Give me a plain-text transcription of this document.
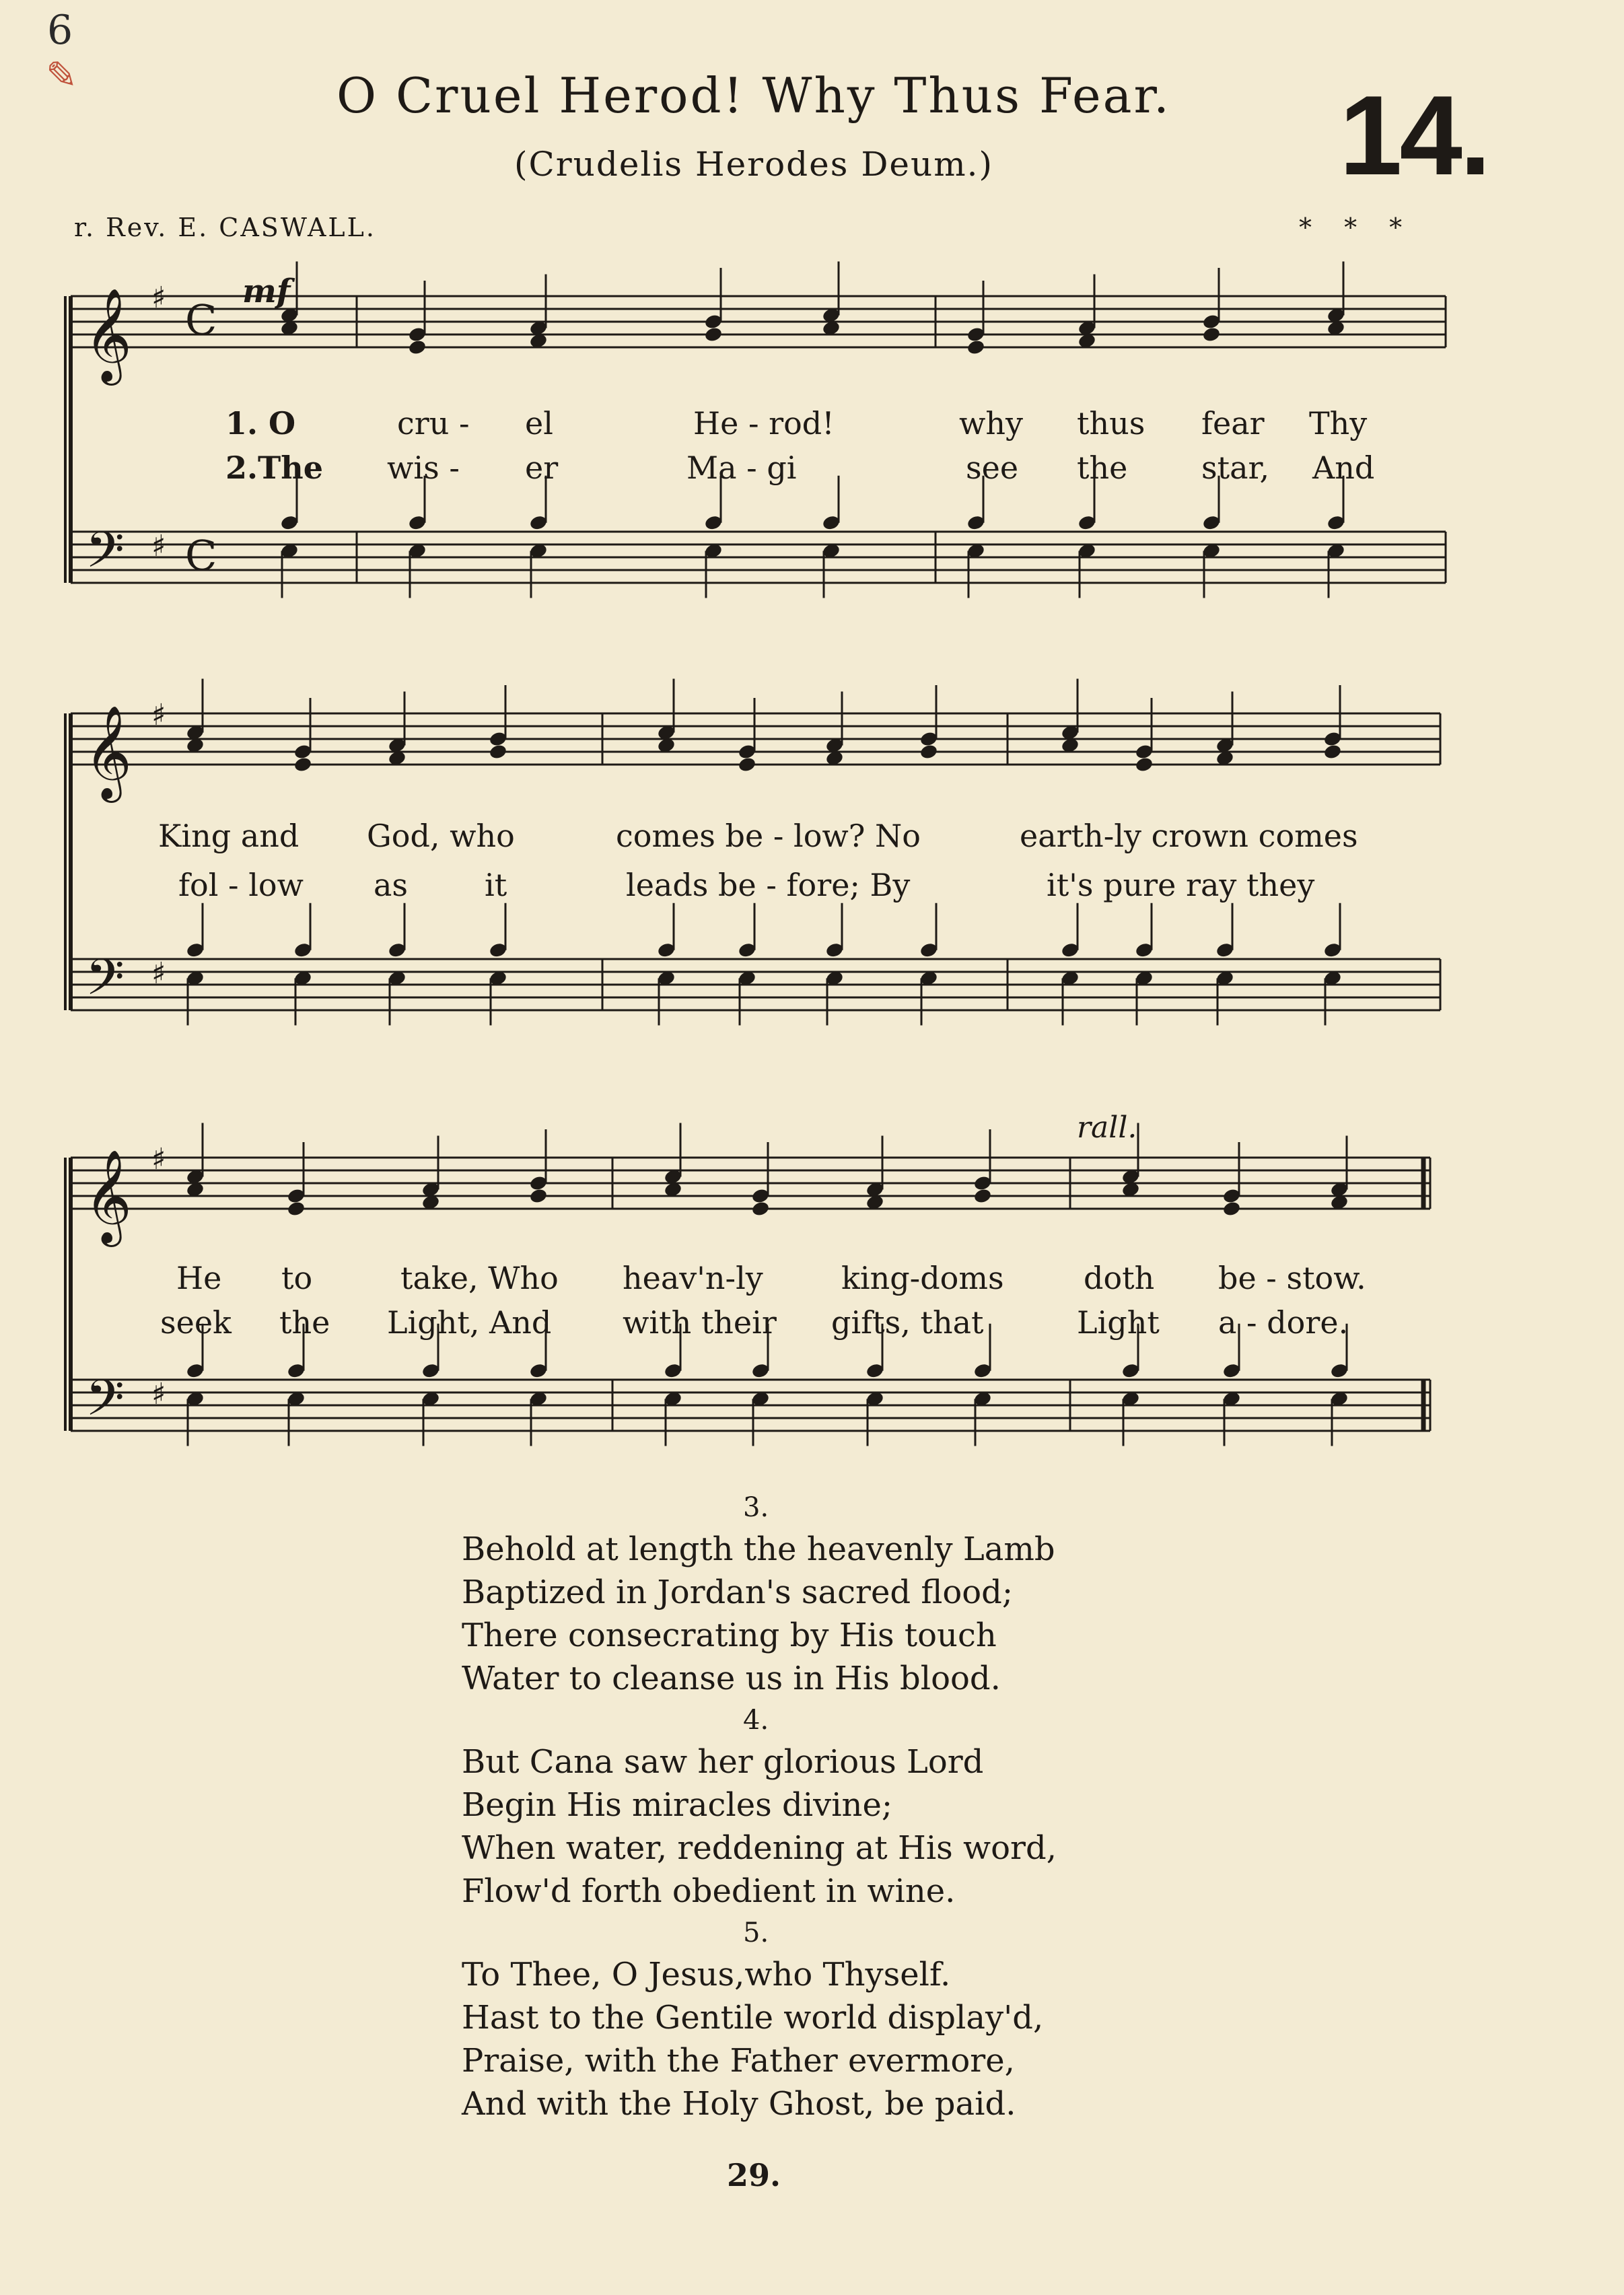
6
✎	O Cruel Herod! Why Thus Fear.
(Crudelis Herodes Deum.)	14.
r. Rev. E. CASWALL.	* * *
𝄞
𝄢
♯
♯
C
C
𝄞
𝄢
♯
♯
𝄞
𝄢
♯
♯
mf
rall.
1. O	cru - el	He - rod!	why thus fear Thy
2.The wis - er	Ma - gi	see the star, And
King and God, who	comes be - low? No	earth-ly crown comes
fol - low as it	leads be - fore; By	it's pure ray they
He to	take, Who heav'n-ly	king-doms	doth be - stow.
seek the Light, And with their gifts, that	Light a - dore.
3.
Behold at length the heavenly Lamb
Baptized in Jordan's sacred flood;
There consecrating by His touch
Water to cleanse us in His blood.
4.
But Cana saw her glorious Lord
Begin His miracles divine;
When water, reddening at His word,
Flow'd forth obedient in wine.
5.
To Thee, O Jesus,who Thyself.
Hast to the Gentile world display'd,
Praise, with the Father evermore,
And with the Holy Ghost, be paid.
29.
